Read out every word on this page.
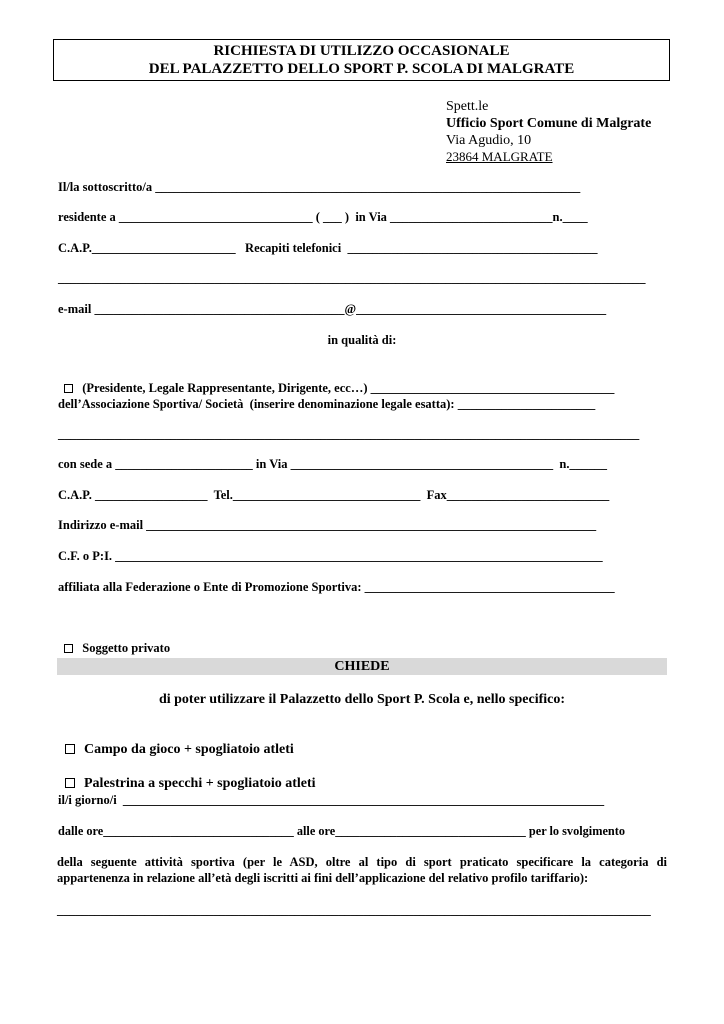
RICHIESTA DI UTILIZZO OCCASIONALE
DEL PALAZZETTO DELLO SPORT P. SCOLA DI MALGRATE
Spett.le
Ufficio Sport Comune di Malgrate
Via Agudio, 10
23864 MALGRATE
Il/la sottoscritto/a ____________________________________________________________________
residente a _______________________________ ( ___ )  in Via __________________________n.____
C.A.P._______________________   Recapiti telefonici  ________________________________________
______________________________________________________________________________________________
e-mail ________________________________________@________________________________________
in qualità di:

(Presidente, Legale Rappresentante, Dirigente, ecc…) _______________________________________

dell’Associazione Sportiva/ Società  (inserire denominazione legale esatta): ______________________
_____________________________________________________________________________________________
con sede a ______________________ in Via __________________________________________  n.______
C.A.P. __________________  Tel.______________________________  Fax__________________________
Indirizzo e-mail ________________________________________________________________________
C.F. o P:I. ______________________________________________________________________________
affiliata alla Federazione o Ente di Promozione Sportiva: ________________________________________

Soggetto privato

CHIEDE
di poter utilizzare il Palazzetto dello Sport P. Scola e, nello specifico:

Campo da gioco + spogliatoio atleti

Palestrina a specchi + spogliatoio atleti

il/i giorno/i  _____________________________________________________________________________
dalle ore_______________________________ alle ore_______________________________ per lo svolgimento
della seguente attività sportiva (per le ASD, oltre al tipo di sport praticato specificare la categoria di
appartenenza in relazione all’età degli iscritti ai fini dell’applicazione del relativo profilo tariffario):
_______________________________________________________________________________________________
